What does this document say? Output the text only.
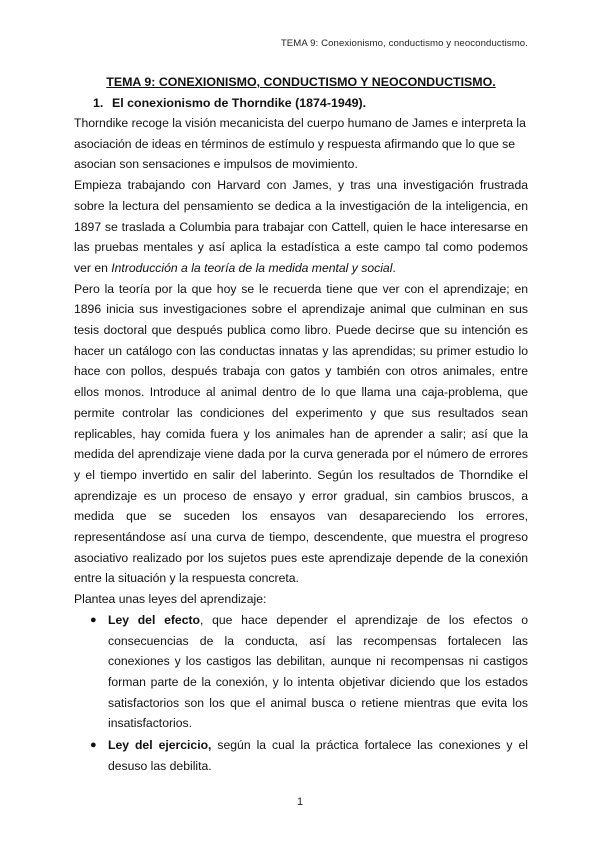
TEMA 9: Conexionismo, conductismo y neoconductismo.
TEMA 9: CONEXIONISMO, CONDUCTISMO Y NEOCONDUCTISMO.
1. El conexionismo de Thorndike (1874-1949).

Thorndike recoge la visión mecanicista del cuerpo humano de James e interpreta la asociación de ideas en términos de estímulo y respuesta afirmando que lo que se asocian son sensaciones e impulsos de movimiento.

Empieza trabajando con Harvard con James, y tras una investigación frustrada sobre la lectura del pensamiento se dedica a la investigación de la inteligencia, en 1897 se traslada a Columbia para trabajar con Cattell, quien le hace interesarse en las pruebas mentales y así aplica la estadística a este campo tal como podemos ver en Introducción a la teoría de la medida mental y social.

Pero la teoría por la que hoy se le recuerda tiene que ver con el aprendizaje; en 1896 inicia sus investigaciones sobre el aprendizaje animal que culminan en sus tesis doctoral que después publica como libro. Puede decirse que su intención es hacer un catálogo con las conductas innatas y las aprendidas; su primer estudio lo hace con pollos, después trabaja con gatos y también con otros animales, entre ellos monos. Introduce al animal dentro de lo que llama una caja-problema, que permite controlar las condiciones del experimento y que sus resultados sean replicables, hay comida fuera y los animales han de aprender a salir; así que la medida del aprendizaje viene dada por la curva generada por el número de errores y el tiempo invertido en salir del laberinto. Según los resultados de Thorndike el aprendizaje es un proceso de ensayo y error gradual, sin cambios bruscos, a medida que se suceden los ensayos van desapareciendo los errores, representándose así una curva de tiempo, descendente, que muestra el progreso asociativo realizado por los sujetos pues este aprendizaje depende de la conexión entre la situación y la respuesta concreta.

Plantea unas leyes del aprendizaje:

● Ley del efecto, que hace depender el aprendizaje de los efectos o consecuencias de la conducta, así las recompensas fortalecen las conexiones y los castigos las debilitan, aunque ni recompensas ni castigos forman parte de la conexión, y lo intenta objetivar diciendo que los estados satisfactorios son los que el animal busca o retiene mientras que evita los insatisfactorios.
● Ley del ejercicio, según la cual la práctica fortalece las conexiones y el desuso las debilita.
1
